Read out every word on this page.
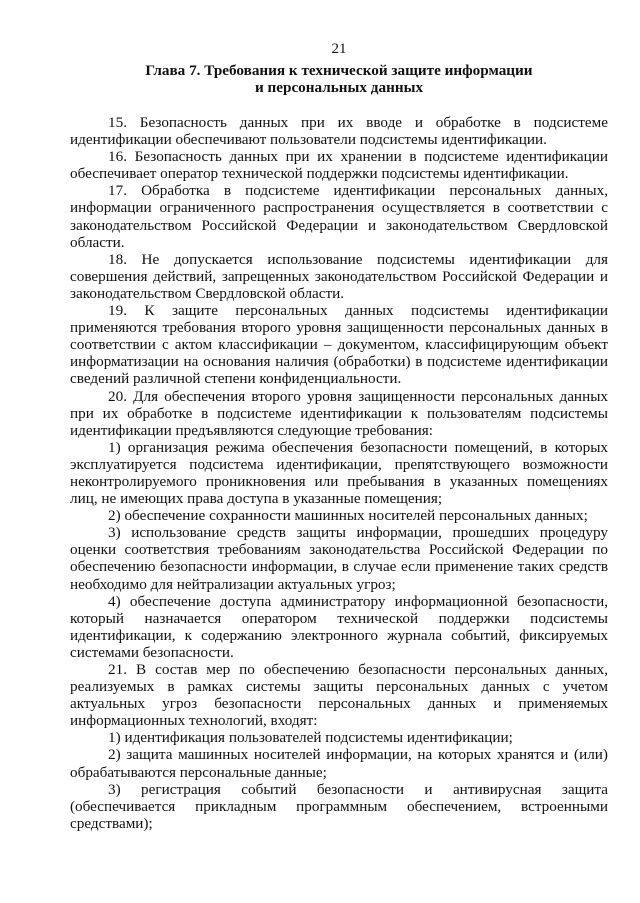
21
Глава 7. Требования к технической защите информации
и персональных данных

15. Безопасность данных при их вводе и обработке в подсистеме идентификации обеспечивают пользователи подсистемы идентификации.

16. Безопасность данных при их хранении в подсистеме идентификации обеспечивает оператор технической поддержки подсистемы идентификации.

17. Обработка в подсистеме идентификации персональных данных, информации ограниченного распространения осуществляется в соответствии с законодательством Российской Федерации и законодательством Свердловской области.

18. Не допускается использование подсистемы идентификации для совершения действий, запрещенных законодательством Российской Федерации и законодательством Свердловской области.

19. К защите персональных данных подсистемы идентификации применяются требования второго уровня защищенности персональных данных в соответствии с актом классификации – документом, классифицирующим объект информатизации на основания наличия (обработки) в подсистеме идентификации сведений различной степени конфиденциальности.

20. Для обеспечения второго уровня защищенности персональных данных при их обработке в подсистеме идентификации к пользователям подсистемы идентификации предъявляются следующие требования:

1) организация режима обеспечения безопасности помещений, в которых эксплуатируется подсистема идентификации, препятствующего возможности неконтролируемого проникновения или пребывания в указанных помещениях лиц, не имеющих права доступа в указанные помещения;

2) обеспечение сохранности машинных носителей персональных данных;

3) использование средств защиты информации, прошедших процедуру оценки соответствия требованиям законодательства Российской Федерации по обеспечению безопасности информации, в случае если применение таких средств необходимо для нейтрализации актуальных угроз;

4) обеспечение доступа администратору информационной безопасности, который назначается оператором технической поддержки подсистемы идентификации, к содержанию электронного журнала событий, фиксируемых системами безопасности.

21. В состав мер по обеспечению безопасности персональных данных, реализуемых в рамках системы защиты персональных данных с учетом актуальных угроз безопасности персональных данных и применяемых информационных технологий, входят:

1) идентификация пользователей подсистемы идентификации;

2) защита машинных носителей информации, на которых хранятся и (или) обрабатываются персональные данные;

3) регистрация событий безопасности и антивирусная защита (обеспечивается прикладным программным обеспечением, встроенными средствами);
